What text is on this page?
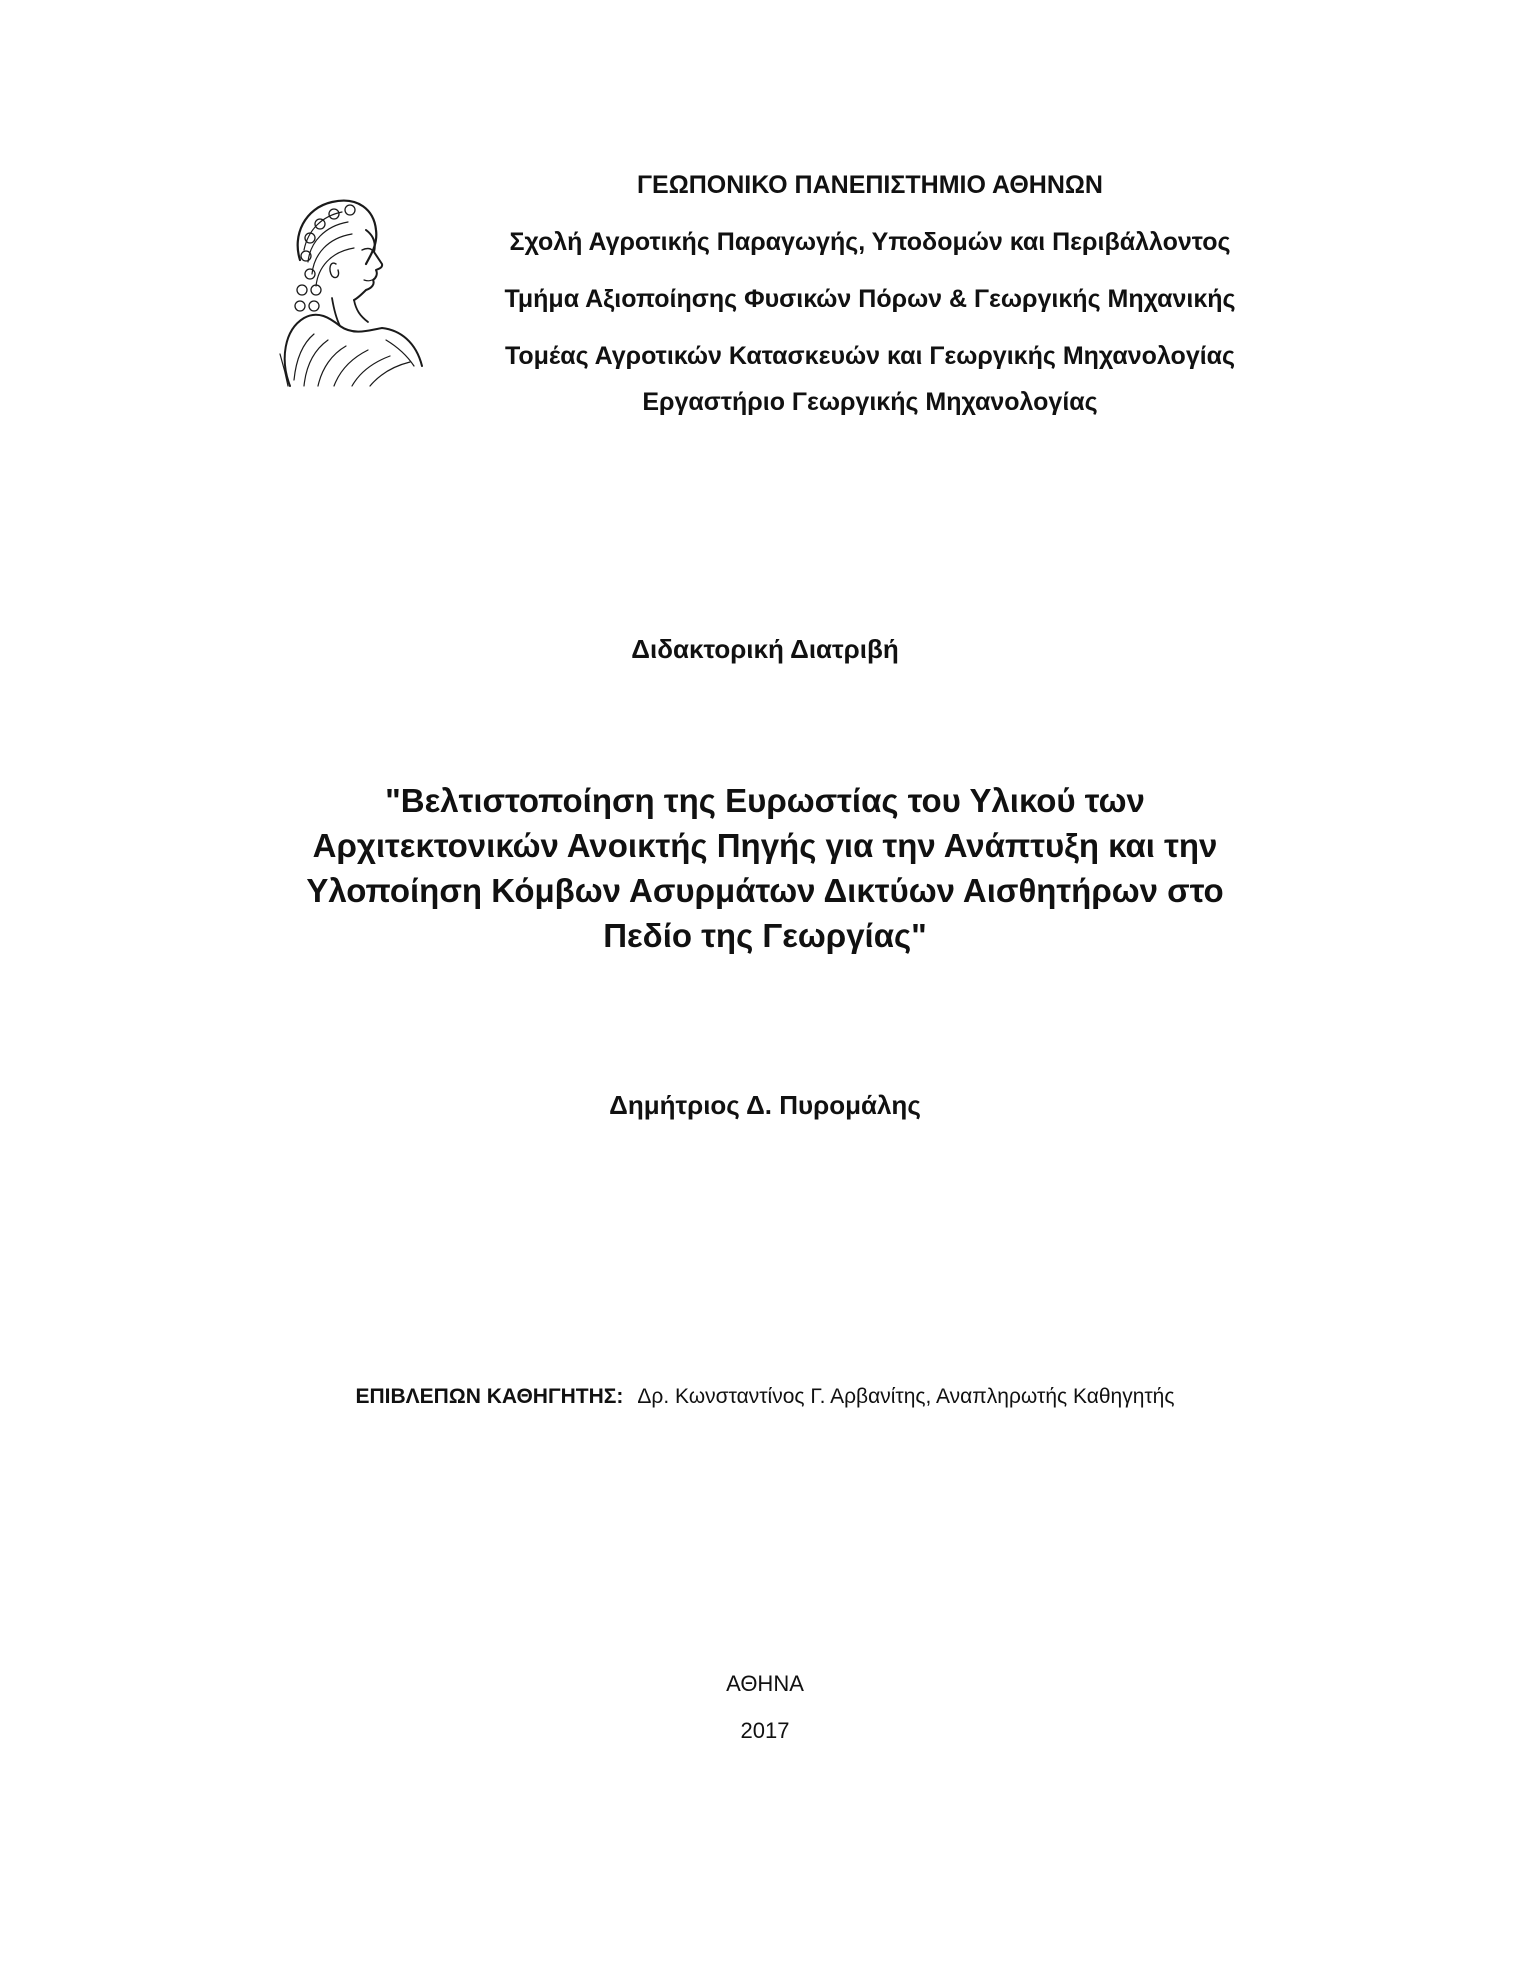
ΓΕΩΠΟΝΙΚΟ ΠΑΝΕΠΙΣΤΗΜΙΟ ΑΘΗΝΩΝ
Σχολή Αγροτικής Παραγωγής, Υποδομών και Περιβάλλοντος
Τμήμα Αξιοποίησης Φυσικών Πόρων & Γεωργικής Μηχανικής
Τομέας Αγροτικών Κατασκευών και Γεωργικής Μηχανολογίας
Εργαστήριο Γεωργικής Μηχανολογίας
Διδακτορική Διατριβή
"Βελτιστοποίηση της Ευρωστίας του Υλικού των
Αρχιτεκτονικών Ανοικτής Πηγής για την Ανάπτυξη και την
Υλοποίηση Κόμβων Ασυρμάτων Δικτύων Αισθητήρων στο
Πεδίο της Γεωργίας"
Δημήτριος Δ. Πυρομάλης
ΕΠΙΒΛΕΠΩΝ ΚΑΘΗΓΗΤΗΣ: Δρ. Κωνσταντίνος Γ. Αρβανίτης, Αναπληρωτής Καθηγητής
ΑΘΗΝΑ
2017
